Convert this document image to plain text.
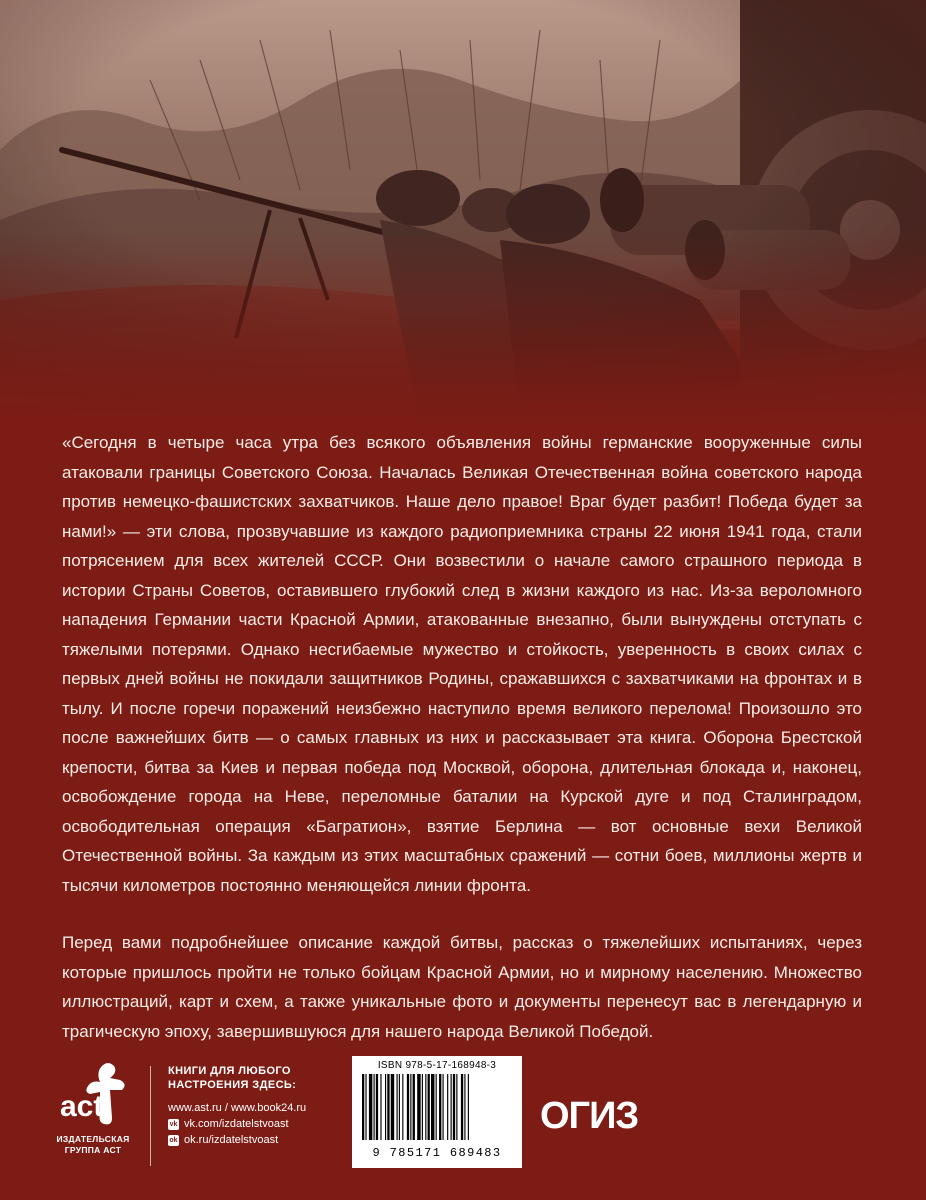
«Сегодня в четыре часа утра без всякого объявления войны германские вооруженные силы атаковали границы Советского Союза. Началась Великая Отечественная война советского народа против немецко-фашистских захватчиков. Наше дело правое! Враг будет разбит! Победа будет за нами!» — эти слова, прозвучавшие из каждого радиоприемника страны 22 июня 1941 года, стали потрясением для всех жителей СССР. Они возвестили о начале самого страшного периода в истории Страны Советов, оставившего глубокий след в жизни каждого из нас. Из-за вероломного нападения Германии части Красной Армии, атакованные внезапно, были вынуждены отступать с тяжелыми потерями. Однако несгибаемые мужество и стойкость, уверенность в своих силах с первых дней войны не покидали защитников Родины, сражавшихся с захватчиками на фронтах и в тылу. И после горечи поражений неизбежно наступило время великого перелома! Произошло это после важнейших битв — о самых главных из них и рассказывает эта книга. Оборона Брестской крепости, битва за Киев и первая победа под Москвой, оборона, длительная блокада и, наконец, освобождение города на Неве, переломные баталии на Курской дуге и под Сталинградом, освободительная операция «Багратион», взятие Берлина — вот основные вехи Великой Отечественной войны. За каждым из этих масштабных сражений — сотни боев, миллионы жертв и тысячи километров постоянно меняющейся линии фронта.

Перед вами подробнейшее описание каждой битвы, рассказ о тяжелейших испытаниях, через которые пришлось пройти не только бойцам Красной Армии, но и мирному населению. Множество иллюстраций, карт и схем, а также уникальные фото и документы перенесут вас в легендарную и трагическую эпоху, завершившуюся для нашего народа Великой Победой.

act
ИЗДАТЕЛЬСКАЯ
ГРУППА АСТ
КНИГИ ДЛЯ ЛЮБОГО
НАСТРОЕНИЯ ЗДЕСЬ:
www.ast.ru / www.book24.ru
vk vk.com/izdatelstvoast
ok ok.ru/izdatelstvoast
ISBN 978-5-17-168948-3
9 785171 689483
ОГИЗ
